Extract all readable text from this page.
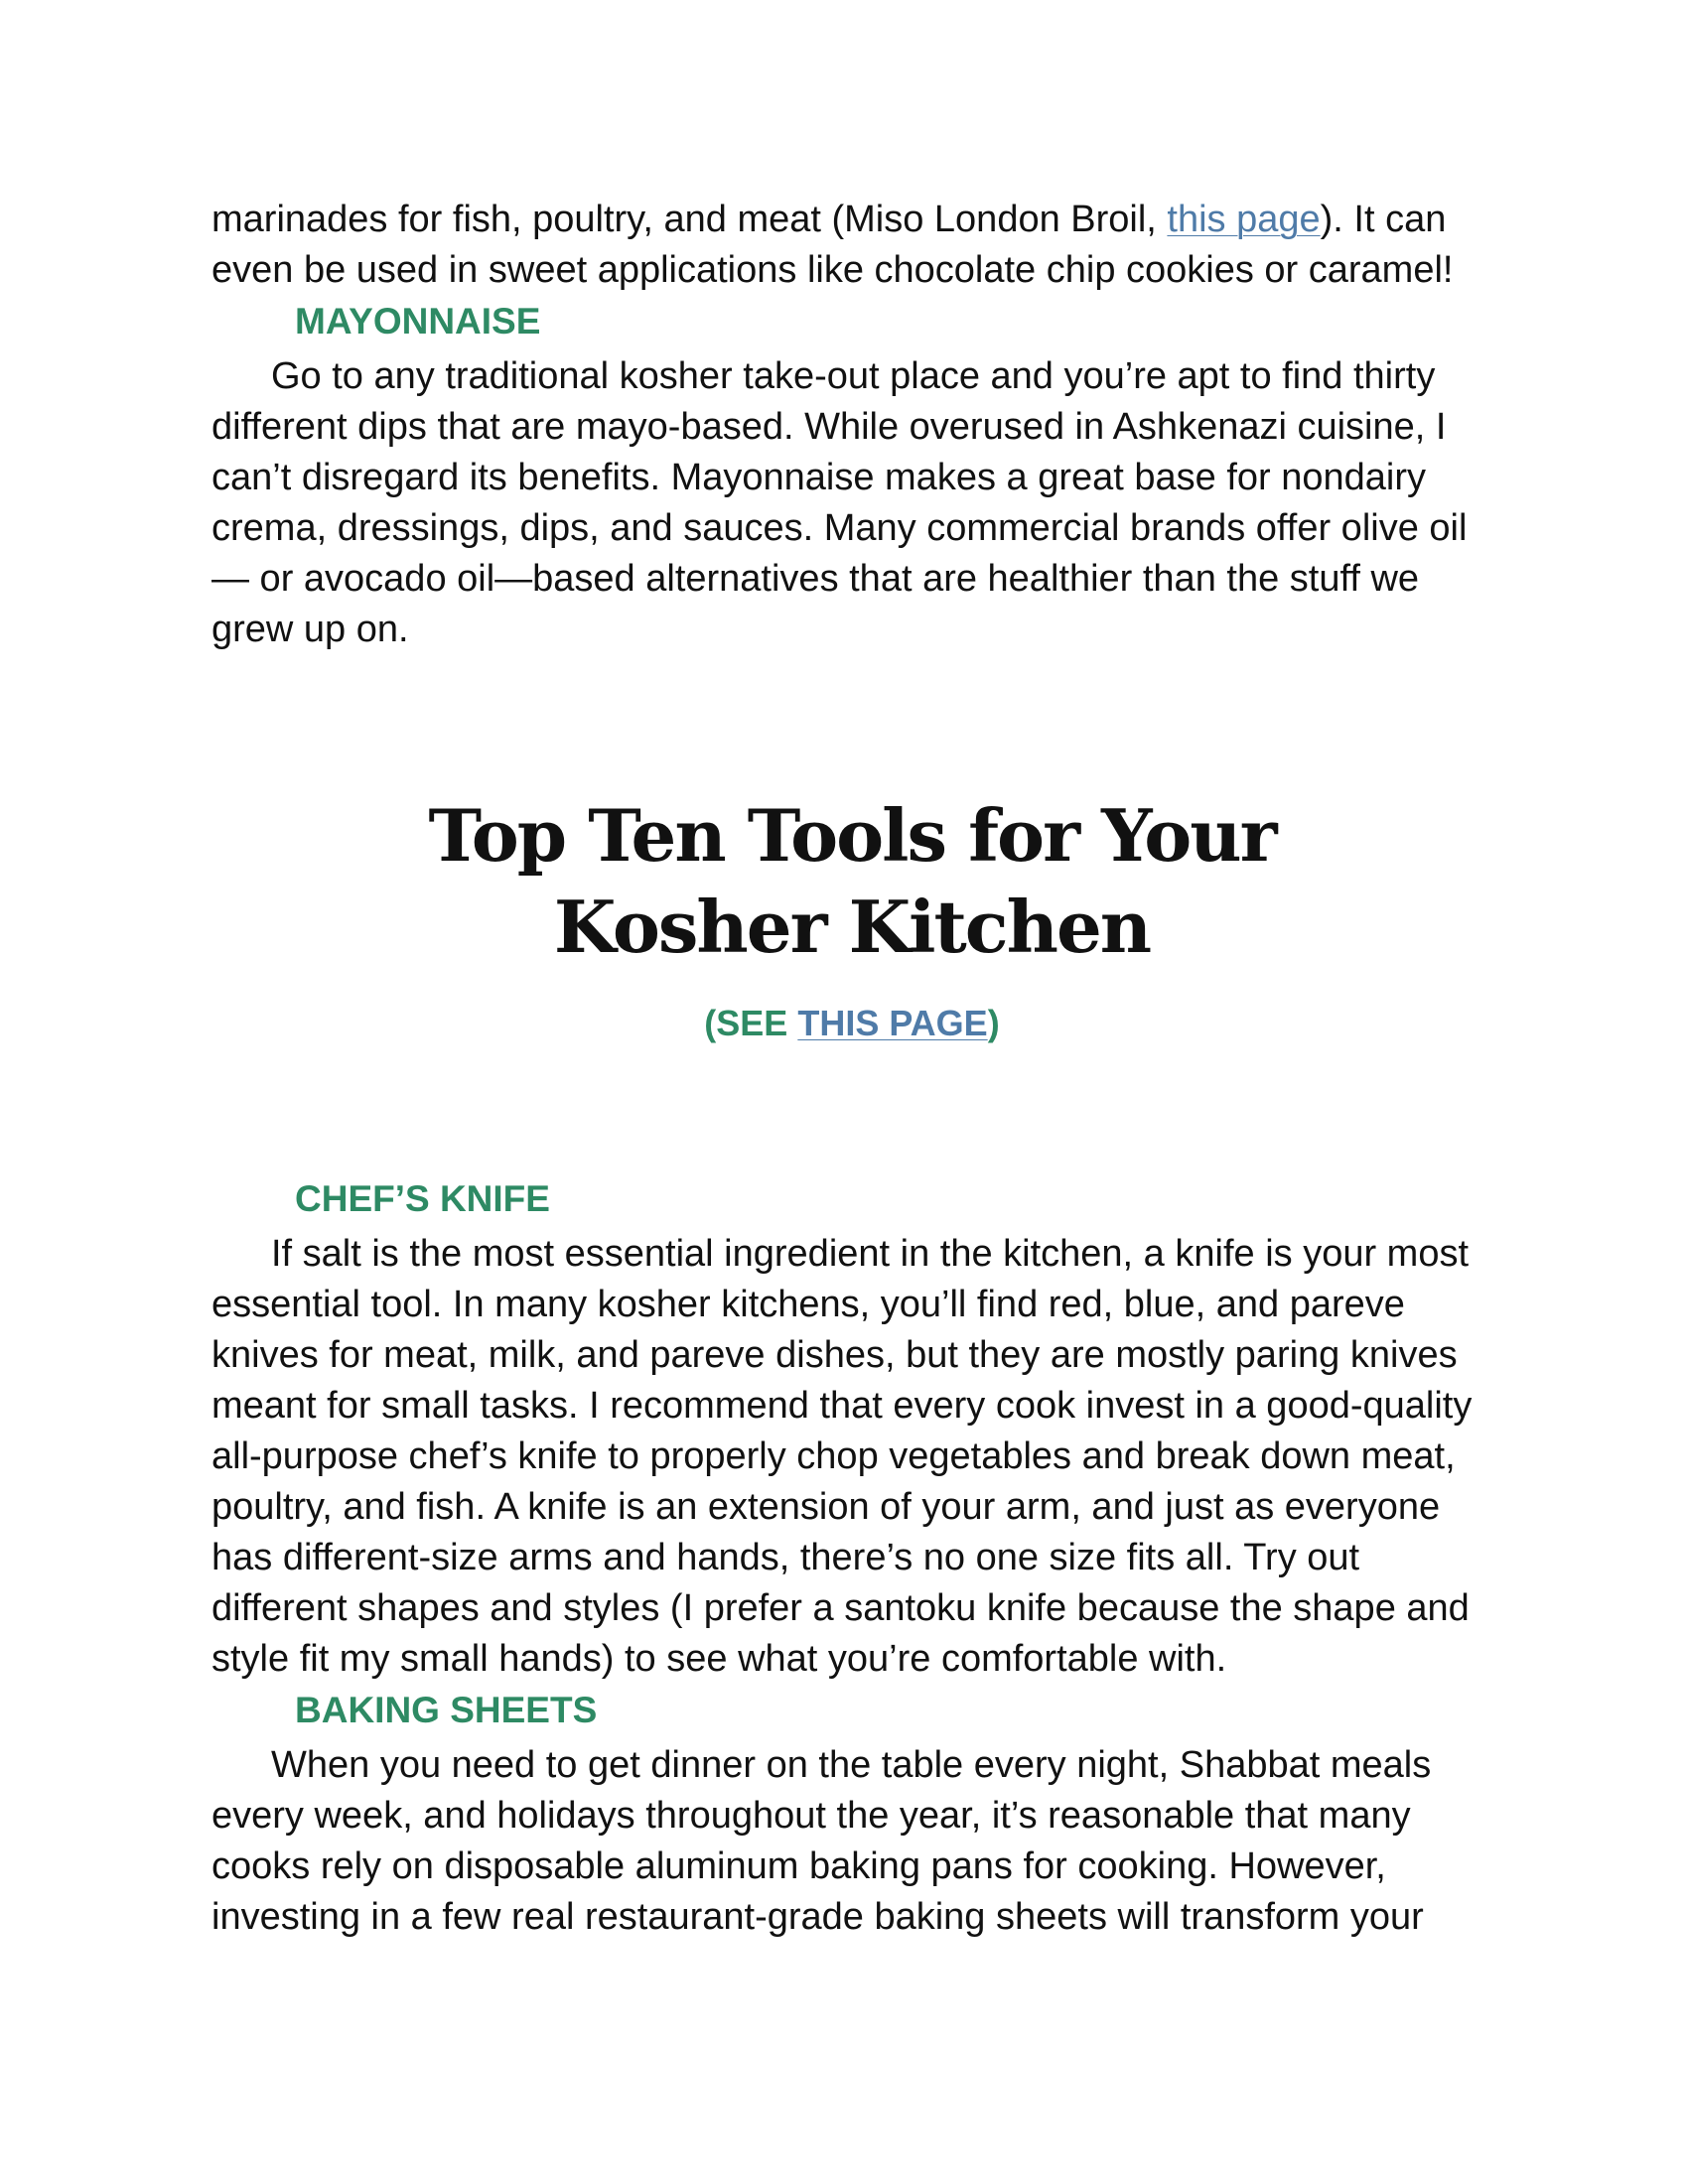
marinades for fish, poultry, and meat (Miso London Broil, this page). It can even be used in sweet applications like chocolate chip cookies or caramel!

MAYONNAISE

Go to any traditional kosher take-out place and you’re apt to find thirty different dips that are mayo-based. While overused in Ashkenazi cuisine, I can’t disregard its benefits. Mayonnaise makes a great base for nondairy crema, dressings, dips, and sauces. Many commercial brands offer olive oil— or avocado oil—based alternatives that are healthier than the stuff we grew up on.

Top Ten Tools for Your Kosher Kitchen

(SEE THIS PAGE)

CHEF’S KNIFE

If salt is the most essential ingredient in the kitchen, a knife is your most essential tool. In many kosher kitchens, you’ll find red, blue, and pareve knives for meat, milk, and pareve dishes, but they are mostly paring knives meant for small tasks. I recommend that every cook invest in a good-quality all-purpose chef’s knife to properly chop vegetables and break down meat, poultry, and fish. A knife is an extension of your arm, and just as everyone has different-size arms and hands, there’s no one size fits all. Try out different shapes and styles (I prefer a santoku knife because the shape and style fit my small hands) to see what you’re comfortable with.

BAKING SHEETS

When you need to get dinner on the table every night, Shabbat meals every week, and holidays throughout the year, it’s reasonable that many cooks rely on disposable aluminum baking pans for cooking. However, investing in a few real restaurant-grade baking sheets will transform your
